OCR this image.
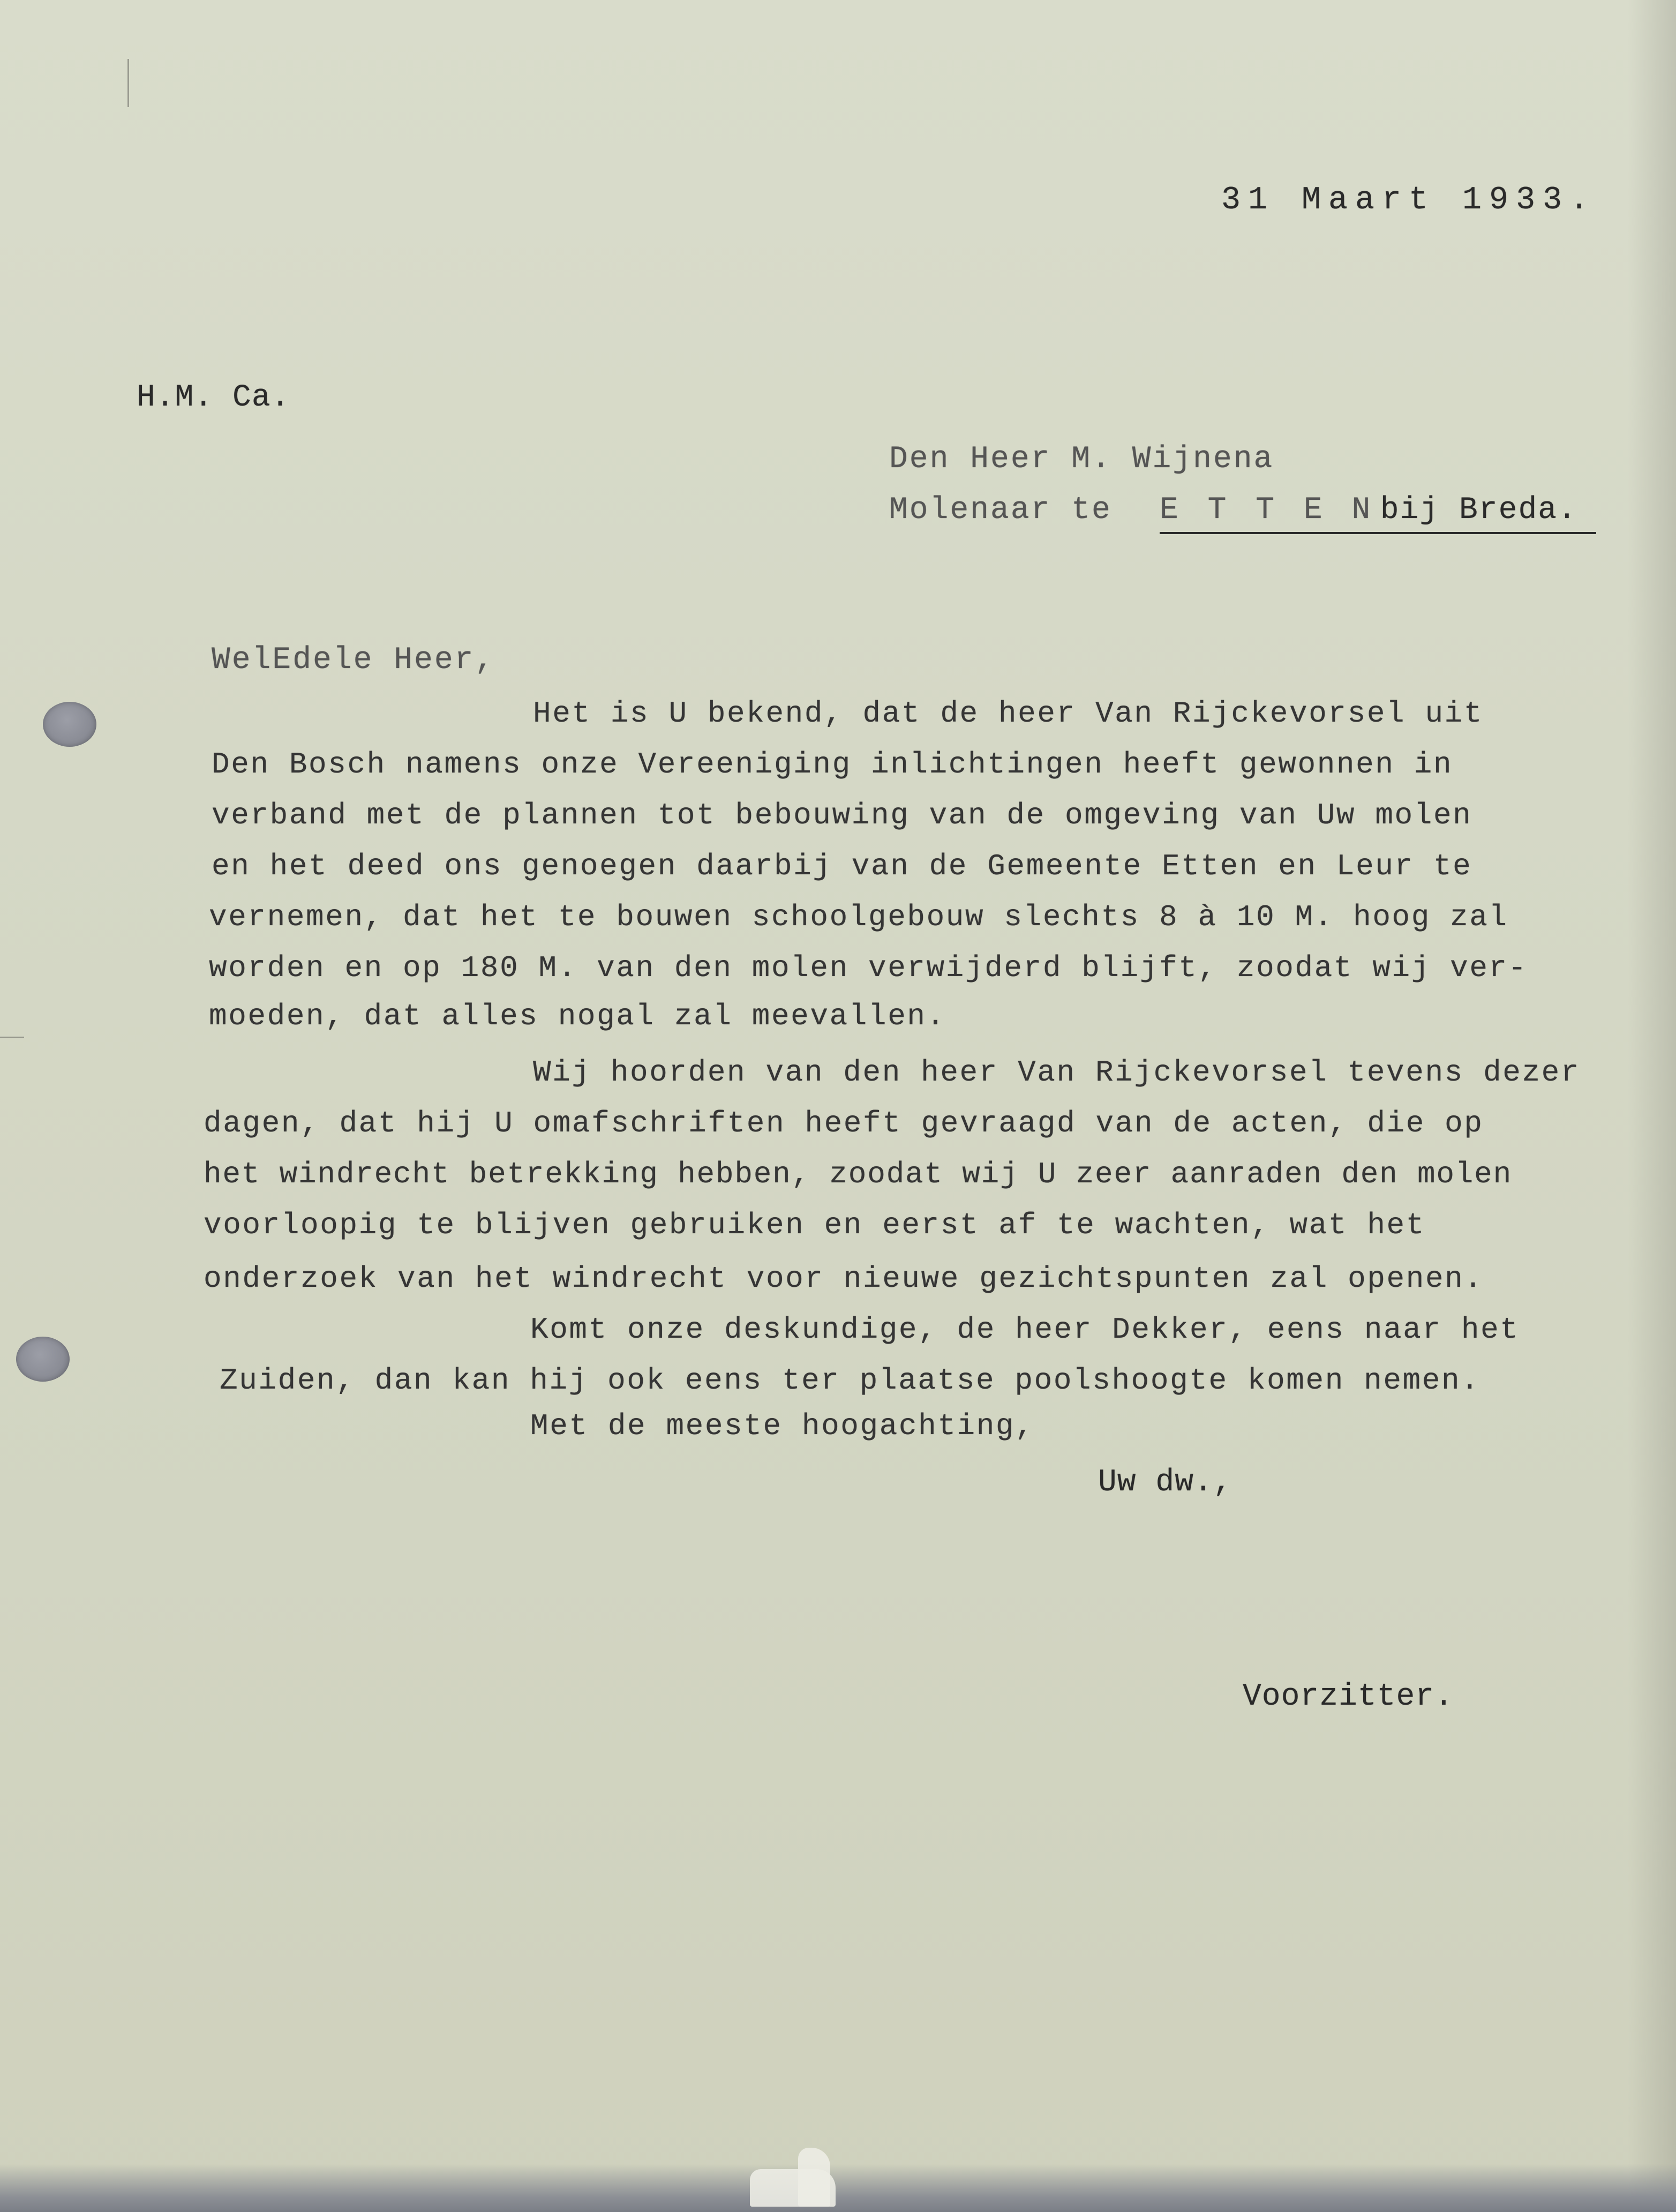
31 Maart 1933.
H.M. Ca.
Den Heer M. Wijnena
Molenaar te E T T E N
bij Breda.
WelEdele Heer,
Het is U bekend, dat de heer Van Rijckevorsel uit
Den Bosch namens onze Vereeniging inlichtingen heeft gewonnen in
verband met de plannen tot bebouwing van de omgeving van Uw molen
en het deed ons genoegen daarbij van de Gemeente Etten en Leur te
vernemen, dat het te bouwen schoolgebouw slechts 8 à 10 M. hoog zal
worden en op 180 M. van den molen verwijderd blijft, zoodat wij ver-
moeden, dat alles nogal zal meevallen.
Wij hoorden van den heer Van Rijckevorsel tevens dezer
dagen, dat hij U omafschriften heeft gevraagd van de acten, die op
het windrecht betrekking hebben, zoodat wij U zeer aanraden den molen
voorloopig te blijven gebruiken en eerst af te wachten, wat het
onderzoek van het windrecht voor nieuwe gezichtspunten zal openen.
Komt onze deskundige, de heer Dekker, eens naar het
Zuiden, dan kan hij ook eens ter plaatse poolshoogte komen nemen.
Met de meeste hoogachting,
Uw dw.,
Voorzitter.
